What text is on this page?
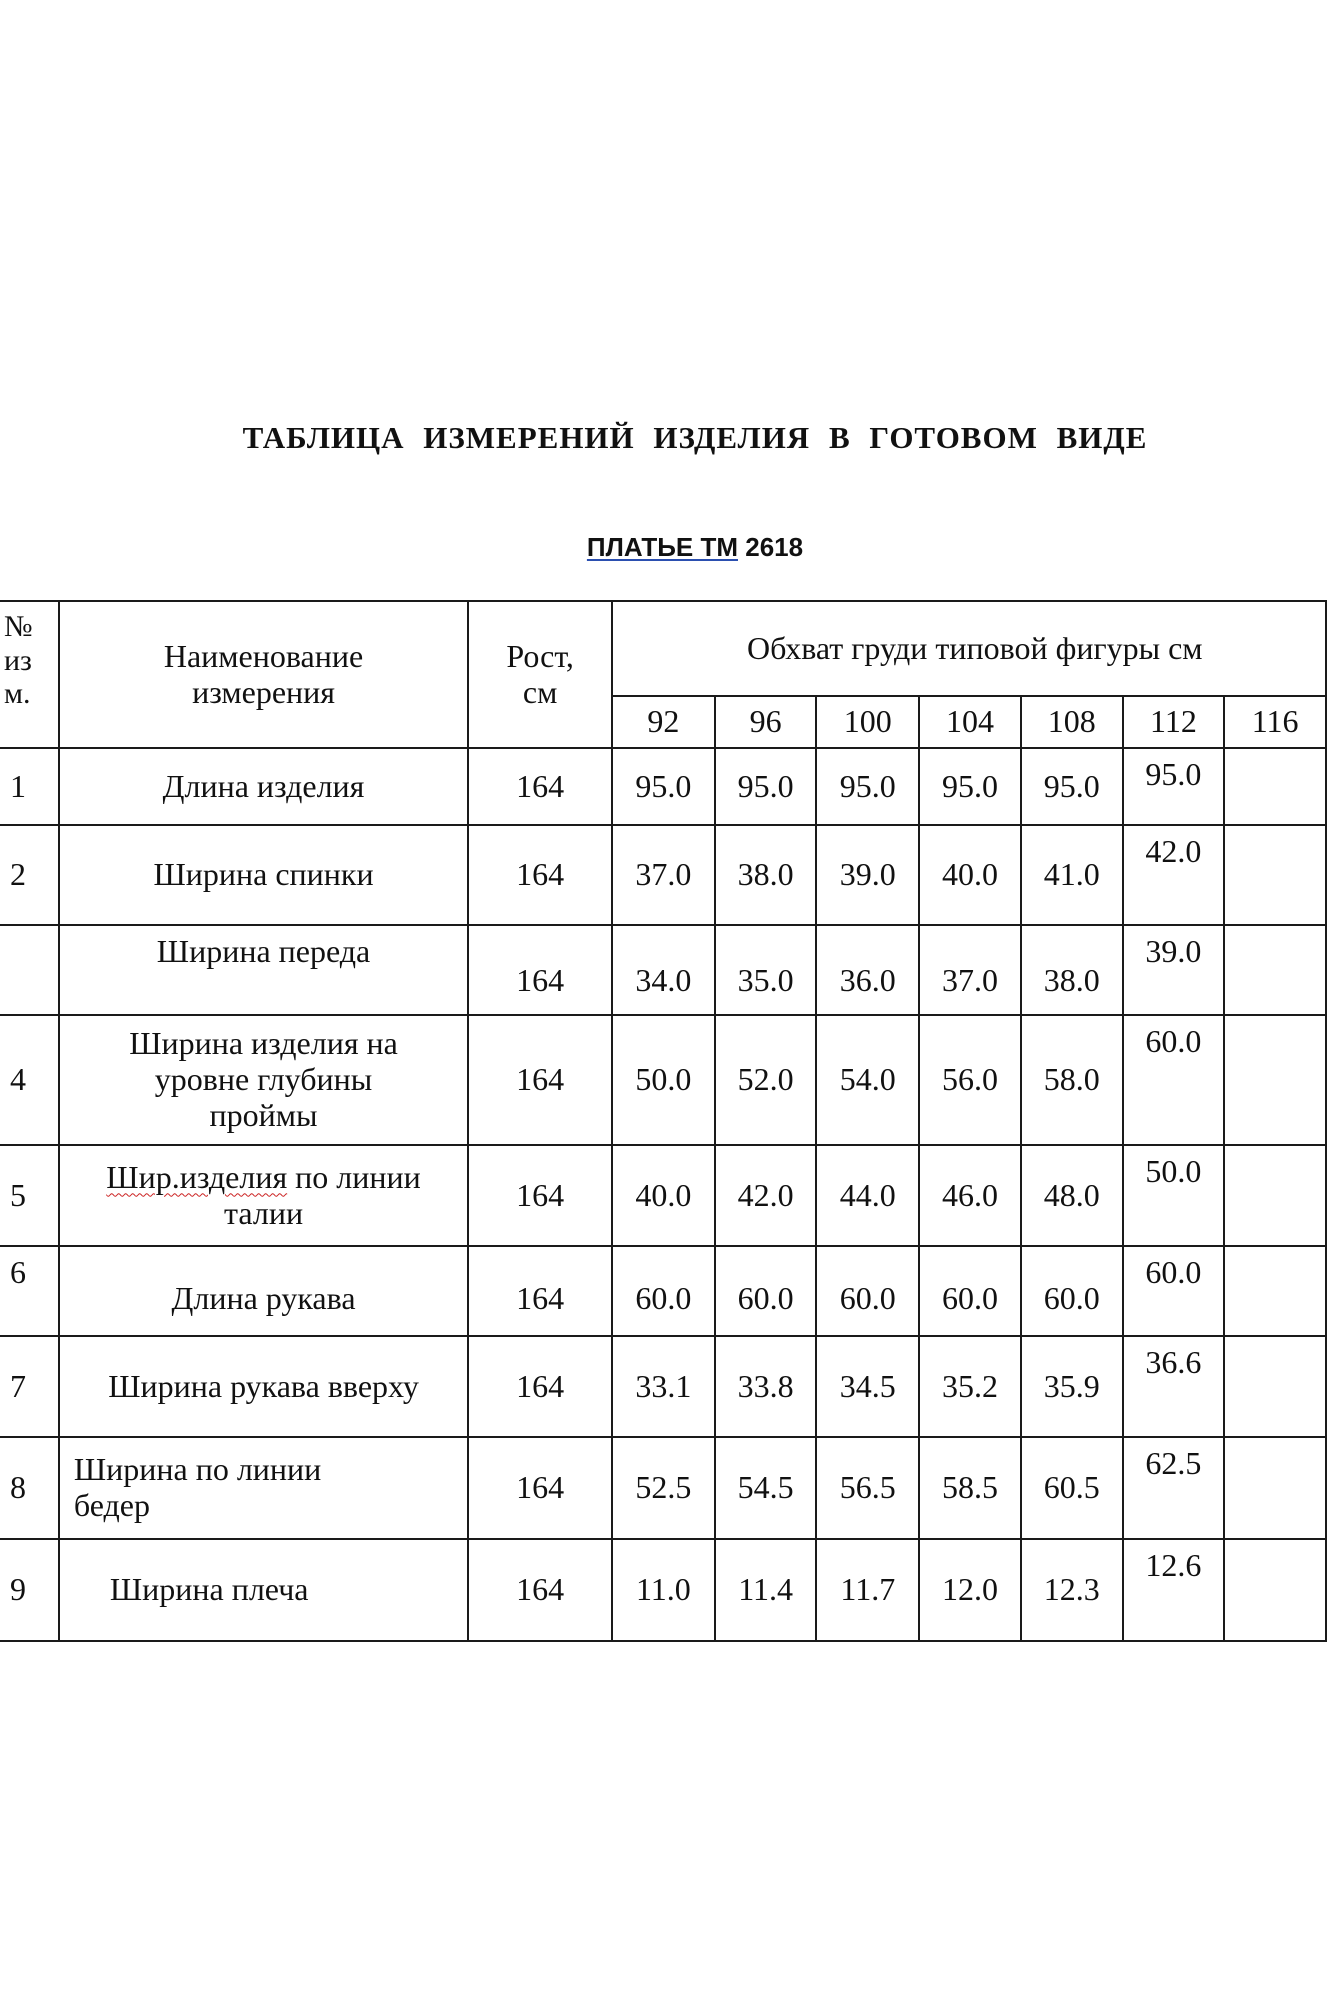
ТАБЛИЦА ИЗМЕРЕНИЙ ИЗДЕЛИЯ В ГОТОВОМ ВИДЕ
ПЛАТЬЕ ТМ 2618
№
из
м.	Наименование измерения	Рост, см	Обхват груди типовой фигуры см						
			92	96	100	104	108	112	116
1	Длина изделия	164	95.0	95.0	95.0	95.0	95.0	95.0	
2	Ширина спинки	164	37.0	38.0	39.0	40.0	41.0	42.0	
	Ширина переда	164	34.0	35.0	36.0	37.0	38.0	39.0	
4	Ширина изделия на уровне глубины проймы	164	50.0	52.0	54.0	56.0	58.0	60.0	
5	Шир.изделия по линии талии	164	40.0	42.0	44.0	46.0	48.0	50.0	
6	Длина рукава	164	60.0	60.0	60.0	60.0	60.0	60.0	
7	Ширина рукава вверху	164	33.1	33.8	34.5	35.2	35.9	36.6	
8	Ширина по линии бедер	164	52.5	54.5	56.5	58.5	60.5	62.5	
9	Ширина плеча	164	11.0	11.4	11.7	12.0	12.3	12.6	
